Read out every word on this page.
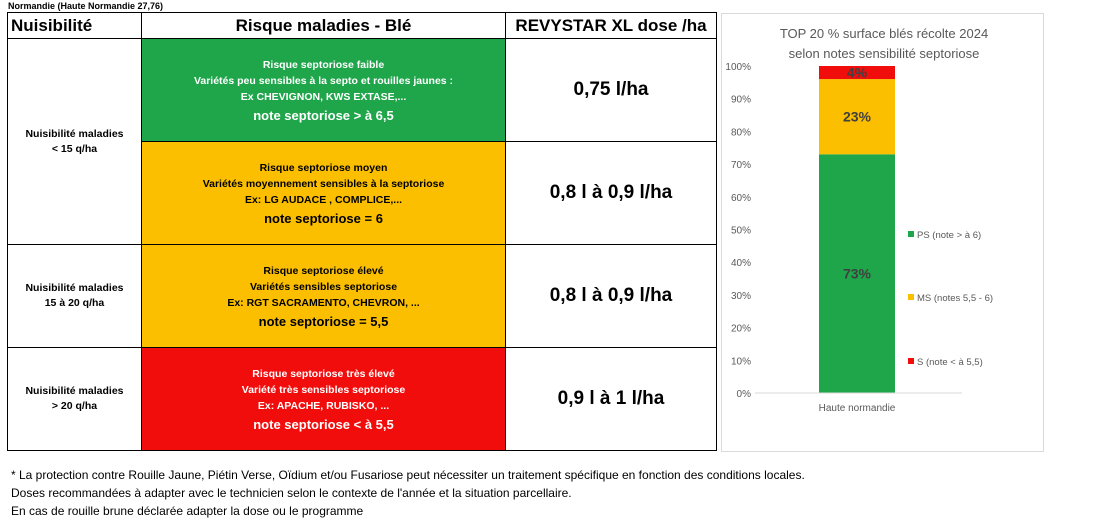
Normandie (Haute Normandie 27,76)
Nuisibilité	Risque maladies - Blé	REVYSTAR XL dose /ha
Nuisibilité maladies
< 15 q/ha	Risque septoriose faible
Variétés peu sensibles à la septo et rouilles jaunes :
Ex CHEVIGNON, KWS EXTASE,...
note septoriose > à 6,5	0,75 l/ha

	Risque septoriose moyen
Variétés moyennement sensibles à la septoriose
Ex: LG AUDACE , COMPLICE,...
note septoriose = 6	0,8 l à 0,9 l/ha
Nuisibilité maladies
15 à 20 q/ha	Risque septoriose élevé
Variétés sensibles septoriose
Ex: RGT SACRAMENTO, CHEVRON, ...
note septoriose = 5,5	0,8 l à 0,9 l/ha
Nuisibilité maladies
> 20 q/ha	Risque septoriose très élevé
Variété très sensibles septoriose
Ex: APACHE, RUBISKO, ...
note septoriose < à 5,5	0,9 l à 1 l/ha
TOP 20 % surface blés récolte 2024
selon notes sensibilité septoriose
0%
10%
20%
30%
40%
50%
60%
70%
80%
90%
100%
73%
23%
4%
Haute normandie
PS (note > à 6)
MS (notes 5,5 - 6)
S (note < à 5,5)
* La protection contre Rouille Jaune, Piétin Verse, Oïdium et/ou Fusariose peut nécessiter un traitement spécifique en fonction des conditions locales.
Doses recommandées à adapter avec le technicien selon le contexte de l'année et la situation parcellaire.
En cas de rouille brune déclarée adapter la dose ou le programme
